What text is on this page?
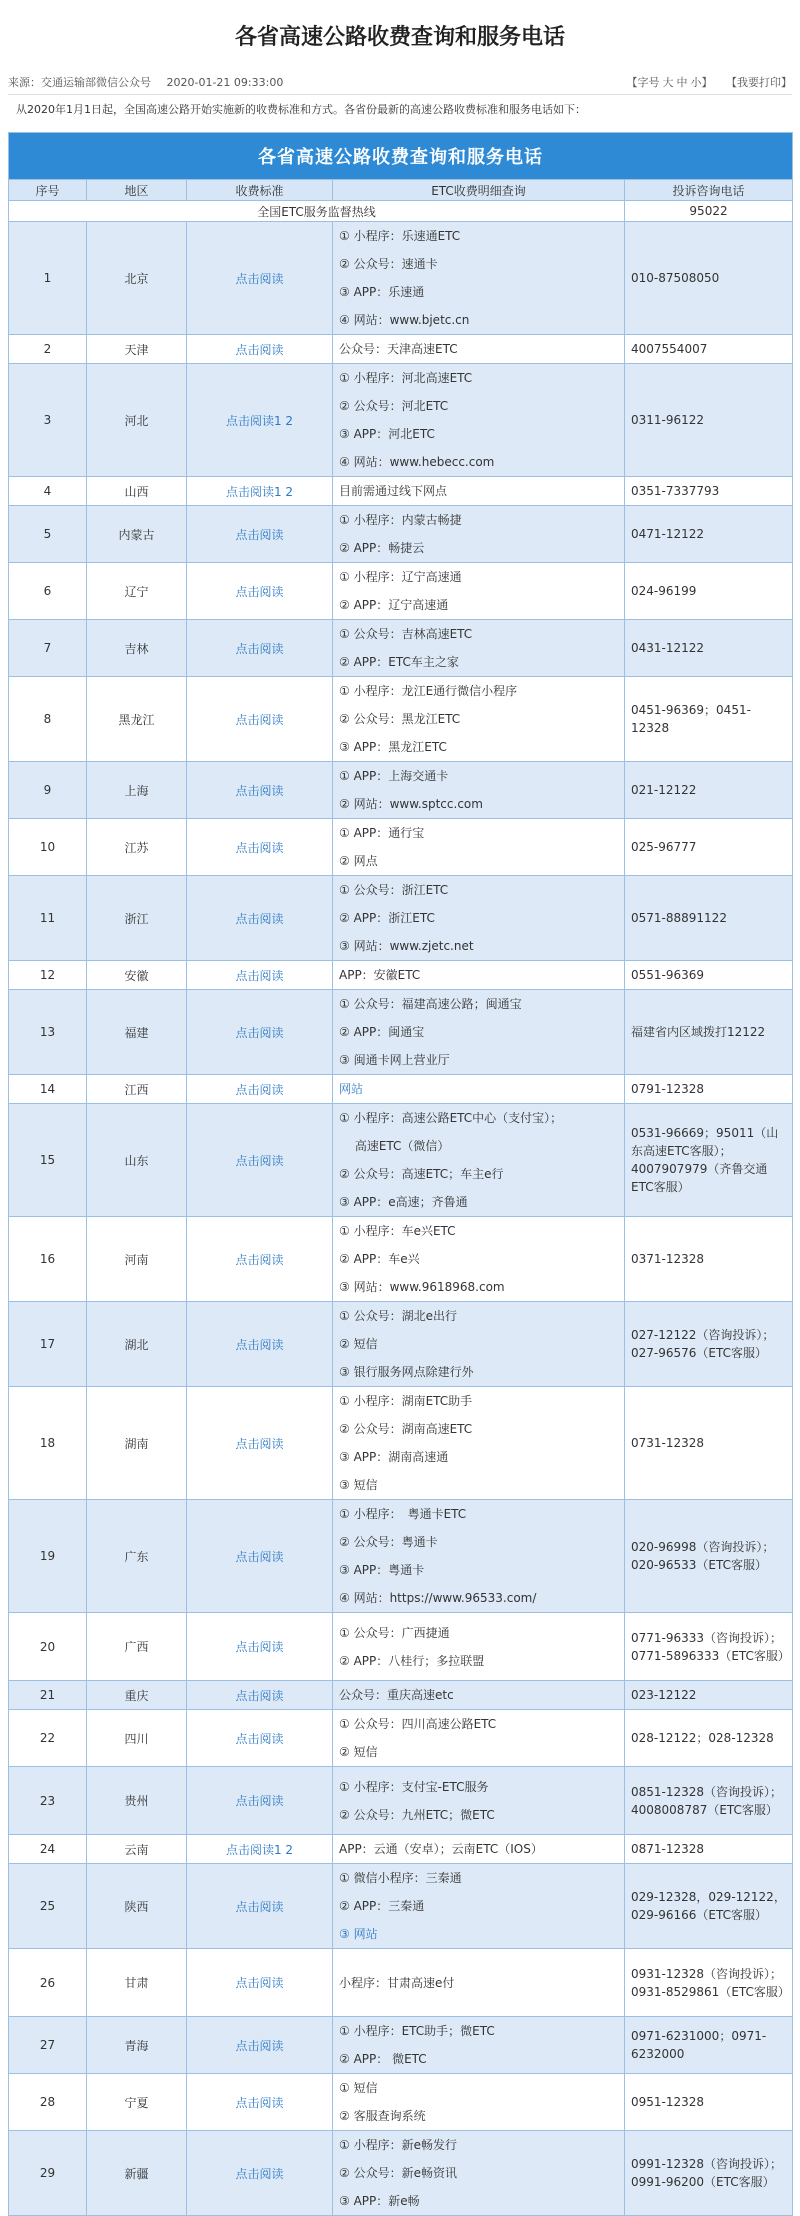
各省高速公路收费查询和服务电话
来源：交通运输部微信公众号 2020-01-21 09:33:00	【字号 大 中 小】 【我要打印】
从2020年1月1日起，全国高速公路开始实施新的收费标准和方式。各省份最新的高速公路收费标准和服务电话如下：
各省高速公路收费查询和服务电话				
序号	地区	收费标准	ETC收费明细查询	投诉咨询电话
全国ETC服务监督热线				95022
1	北京	点击阅读	① 小程序：乐速通ETC
② 公众号：速通卡
③ APP：乐速通
④ 网站：www.bjetc.cn	010-87508050
2	天津	点击阅读	公众号：天津高速ETC	4007554007
3	河北	点击阅读1 2	① 小程序：河北高速ETC
② 公众号：河北ETC
③ APP：河北ETC
④ 网站：www.hebecc.com	0311-96122
4	山西	点击阅读1 2	目前需通过线下网点	0351-7337793
5	内蒙古	点击阅读	① 小程序：内蒙古畅捷
② APP：畅捷云	0471-12122
6	辽宁	点击阅读	① 小程序：辽宁高速通
② APP：辽宁高速通	024-96199
7	吉林	点击阅读	① 公众号：吉林高速ETC
② APP：ETC车主之家	0431-12122
8	黑龙江	点击阅读	① 小程序：龙江E通行微信小程序
② 公众号：黑龙江ETC
③ APP：黑龙江ETC	0451-96369；0451-12328
9	上海	点击阅读	① APP：上海交通卡
② 网站：www.sptcc.com	021-12122
10	江苏	点击阅读	① APP：通行宝
② 网点	025-96777
11	浙江	点击阅读	① 公众号：浙江ETC
② APP：浙江ETC
③ 网站：www.zjetc.net	0571-88891122
12	安徽	点击阅读	APP：安徽ETC	0551-96369
13	福建	点击阅读	① 公众号：福建高速公路；闽通宝
② APP：闽通宝
③ 闽通卡网上营业厅	福建省内区域拨打12122
14	江西	点击阅读	网站	0791-12328
15	山东	点击阅读	① 小程序：高速公路ETC中心（支付宝）；
　 高速ETC（微信）
② 公众号：高速ETC；车主e行
③ APP：e高速；齐鲁通	0531-96669；95011（山东高速ETC客服）；4007907979（齐鲁交通ETC客服）
16	河南	点击阅读	① 小程序：车e兴ETC
② APP：车e兴
③ 网站：www.9618968.com	0371-12328
17	湖北	点击阅读	① 公众号：湖北e出行
② 短信
③ 银行服务网点除建行外	027-12122（咨询投诉）；027-96576（ETC客服）
18	湖南	点击阅读	① 小程序：湖南ETC助手
② 公众号：湖南高速ETC
③ APP：湖南高速通
③ 短信	0731-12328
19	广东	点击阅读	① 小程序：　粤通卡ETC
② 公众号：粤通卡
③ APP：粤通卡
④ 网站：https://www.96533.com/	020-96998（咨询投诉）；020-96533（ETC客服）
20	广西	点击阅读	① 公众号：广西捷通
② APP：八桂行；多拉联盟	0771-96333（咨询投诉）；0771-5896333（ETC客服）
21	重庆	点击阅读	公众号：重庆高速etc	023-12122
22	四川	点击阅读	① 公众号：四川高速公路ETC
② 短信	028-12122；028-12328
23	贵州	点击阅读	① 小程序：支付宝-ETC服务
② 公众号：九州ETC；微ETC	0851-12328（咨询投诉）；4008008787（ETC客服）
24	云南	点击阅读1 2	APP：云通（安卓）；云南ETC（IOS）	0871-12328
25	陕西	点击阅读	① 微信小程序：三秦通
② APP：三秦通
③ 网站	029-12328，029-12122，029-96166（ETC客服）
26	甘肃	点击阅读	小程序：甘肃高速e付	0931-12328（咨询投诉）；0931-8529861（ETC客服）
27	青海	点击阅读	① 小程序：ETC助手；微ETC
② APP： 微ETC	0971-6231000；0971-6232000
28	宁夏	点击阅读	① 短信
② 客服查询系统	0951-12328
29	新疆	点击阅读	① 小程序：新e畅发行
② 公众号：新e畅资讯
③ APP：新e畅	0991-12328（咨询投诉）；0991-96200（ETC客服）
